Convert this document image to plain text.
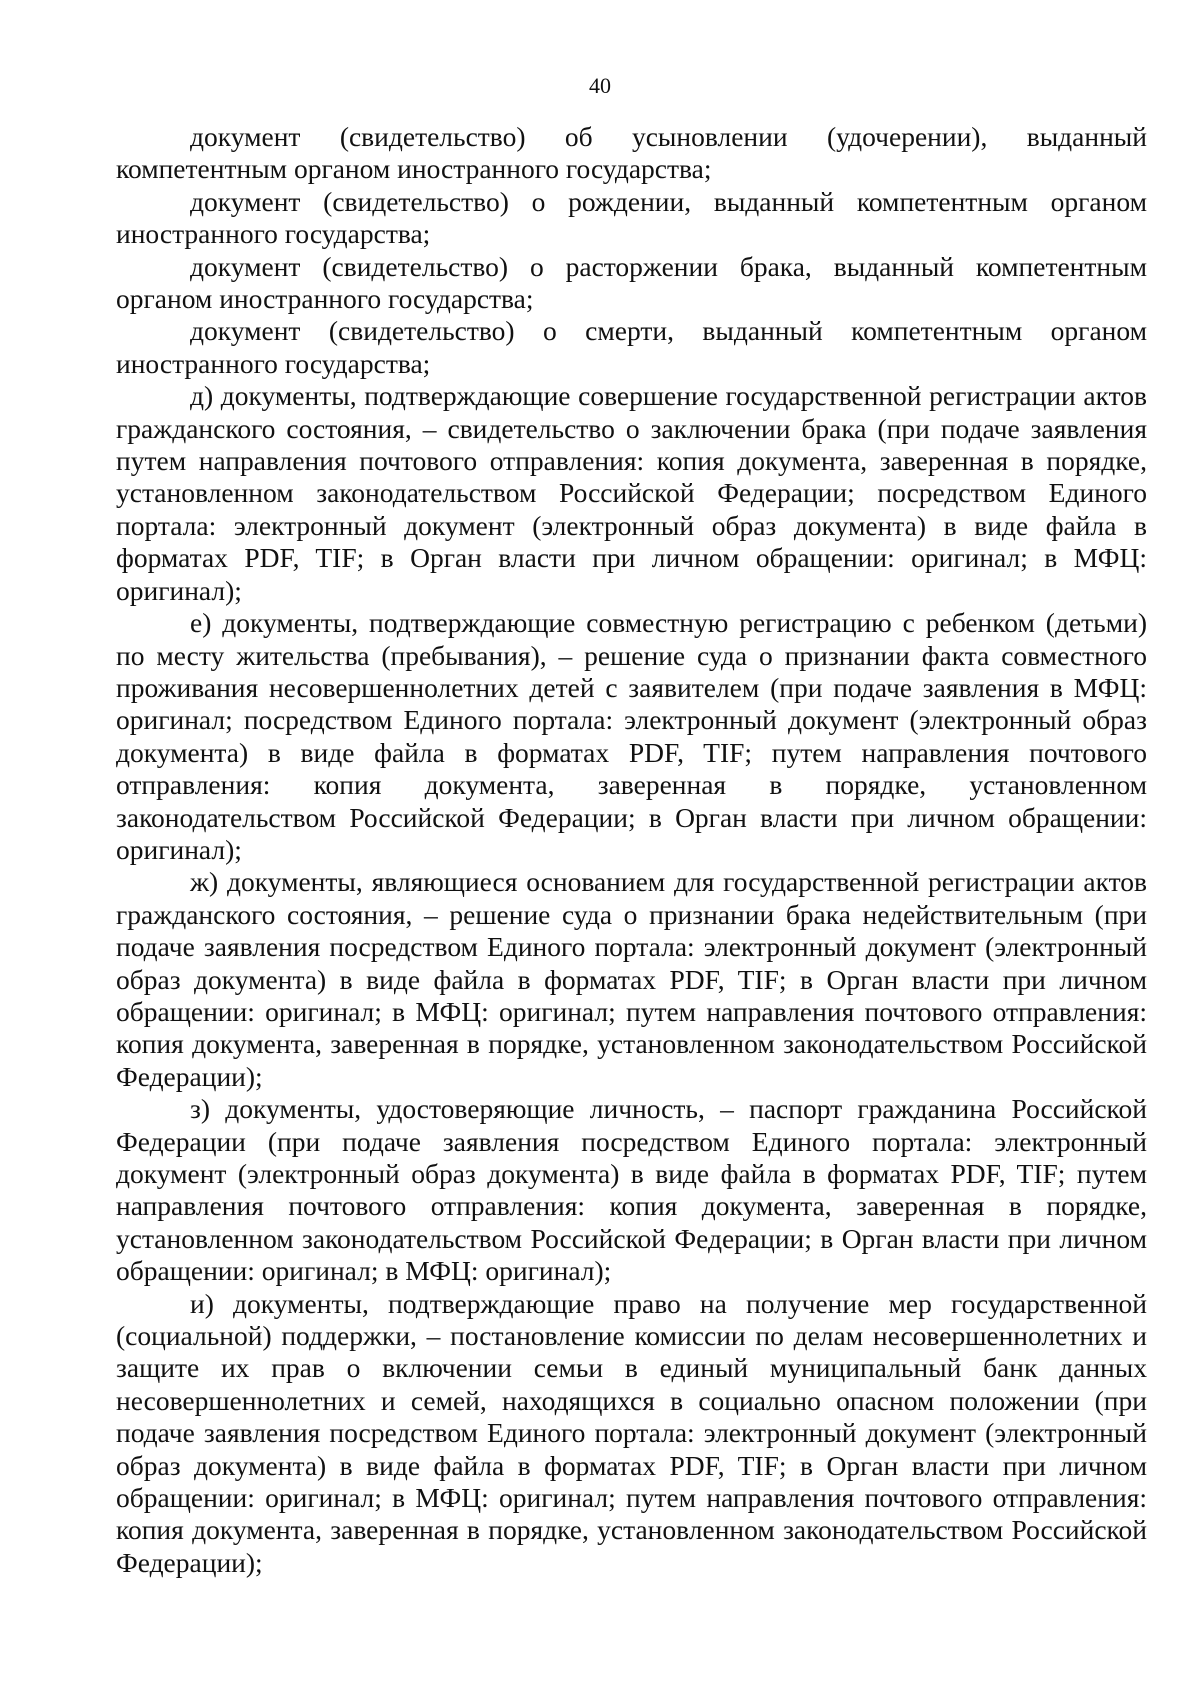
40

документ (свидетельство) об усыновлении (удочерении), выданный компетентным органом иностранного государства;

документ (свидетельство) о рождении, выданный компетентным органом иностранного государства;

документ (свидетельство) о расторжении брака, выданный компетентным органом иностранного государства;

документ (свидетельство) о смерти, выданный компетентным органом иностранного государства;

д) документы, подтверждающие совершение государственной регистрации актов гражданского состояния, – свидетельство о заключении брака (при подаче заявления путем направления почтового отправления: копия документа, заверенная в порядке, установленном законодательством Российской Федерации; посредством Единого портала: электронный документ (электронный образ документа) в виде файла в форматах PDF, TIF; в Орган власти при личном обращении: оригинал; в МФЦ: оригинал);

е) документы, подтверждающие совместную регистрацию с ребенком (детьми) по месту жительства (пребывания), – решение суда о признании факта совместного проживания несовершеннолетних детей с заявителем (при подаче заявления в МФЦ: оригинал; посредством Единого портала: электронный документ (электронный образ документа) в виде файла в форматах PDF, TIF; путем направления почтового отправления: копия документа, заверенная в порядке, установленном законодательством Российской Федерации; в Орган власти при личном обращении: оригинал);

ж) документы, являющиеся основанием для государственной регистрации актов гражданского состояния, – решение суда о признании брака недействительным (при подаче заявления посредством Единого портала: электронный документ (электронный образ документа) в виде файла в форматах PDF, TIF; в Орган власти при личном обращении: оригинал; в МФЦ: оригинал; путем направления почтового отправления: копия документа, заверенная в порядке, установленном законодательством Российской Федерации);

з) документы, удостоверяющие личность, – паспорт гражданина Российской Федерации (при подаче заявления посредством Единого портала: электронный документ (электронный образ документа) в виде файла в форматах PDF, TIF; путем направления почтового отправления: копия документа, заверенная в порядке, установленном законодательством Российской Федерации; в Орган власти при личном обращении: оригинал; в МФЦ: оригинал);

и) документы, подтверждающие право на получение мер государственной (социальной) поддержки, – постановление комиссии по делам несовершеннолетних и защите их прав о включении семьи в единый муниципальный банк данных несовершеннолетних и семей, находящихся в социально опасном положении (при подаче заявления посредством Единого портала: электронный документ (электронный образ документа) в виде файла в форматах PDF, TIF; в Орган власти при личном обращении: оригинал; в МФЦ: оригинал; путем направления почтового отправления: копия документа, заверенная в порядке, установленном законодательством Российской Федерации);
